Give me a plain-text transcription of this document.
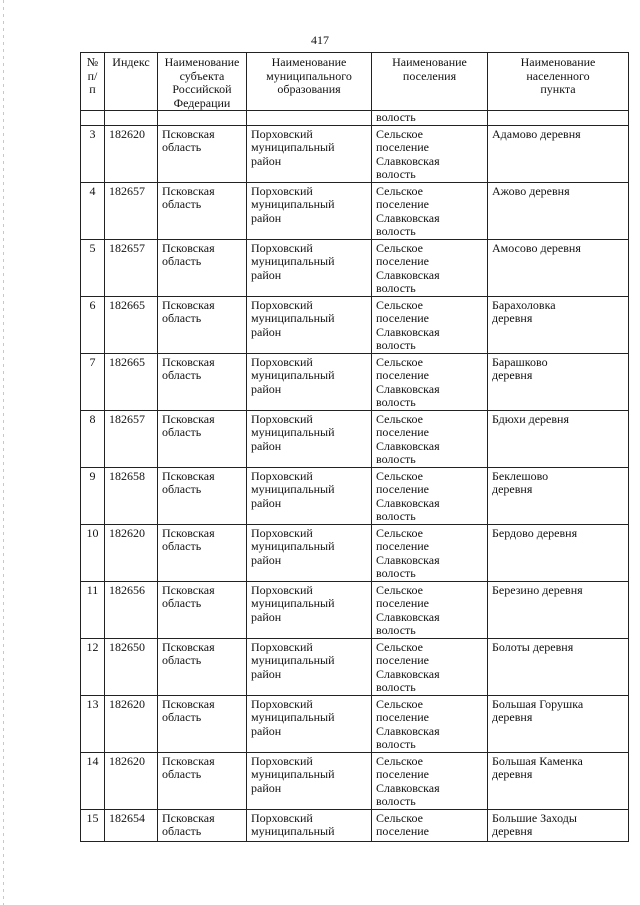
417
№
п/п	Индекс	Наименование
субъекта
Российской
Федерации	Наименование
муниципального
образования	Наименование
поселения	Наименование
населенного
пункта
				волость	
3	182620	Псковская
область	Порховский
муниципальный
район	Сельское
поселение
Славковская
волость	Адамово деревня
4	182657	Псковская
область	Порховский
муниципальный
район	Сельское
поселение
Славковская
волость	Ажово деревня
5	182657	Псковская
область	Порховский
муниципальный
район	Сельское
поселение
Славковская
волость	Амосово деревня
6	182665	Псковская
область	Порховский
муниципальный
район	Сельское
поселение
Славковская
волость	Барахоловка
деревня
7	182665	Псковская
область	Порховский
муниципальный
район	Сельское
поселение
Славковская
волость	Барашково
деревня
8	182657	Псковская
область	Порховский
муниципальный
район	Сельское
поселение
Славковская
волость	Бдюхи деревня
9	182658	Псковская
область	Порховский
муниципальный
район	Сельское
поселение
Славковская
волость	Беклешово
деревня
10	182620	Псковская
область	Порховский
муниципальный
район	Сельское
поселение
Славковская
волость	Бердово деревня
11	182656	Псковская
область	Порховский
муниципальный
район	Сельское
поселение
Славковская
волость	Березино деревня
12	182650	Псковская
область	Порховский
муниципальный
район	Сельское
поселение
Славковская
волость	Болоты деревня
13	182620	Псковская
область	Порховский
муниципальный
район	Сельское
поселение
Славковская
волость	Большая Горушка
деревня
14	182620	Псковская
область	Порховский
муниципальный
район	Сельское
поселение
Славковская
волость	Большая Каменка
деревня
15	182654	Псковская
область	Порховский
муниципальный	Сельское
поселение	Большие Заходы
деревня
